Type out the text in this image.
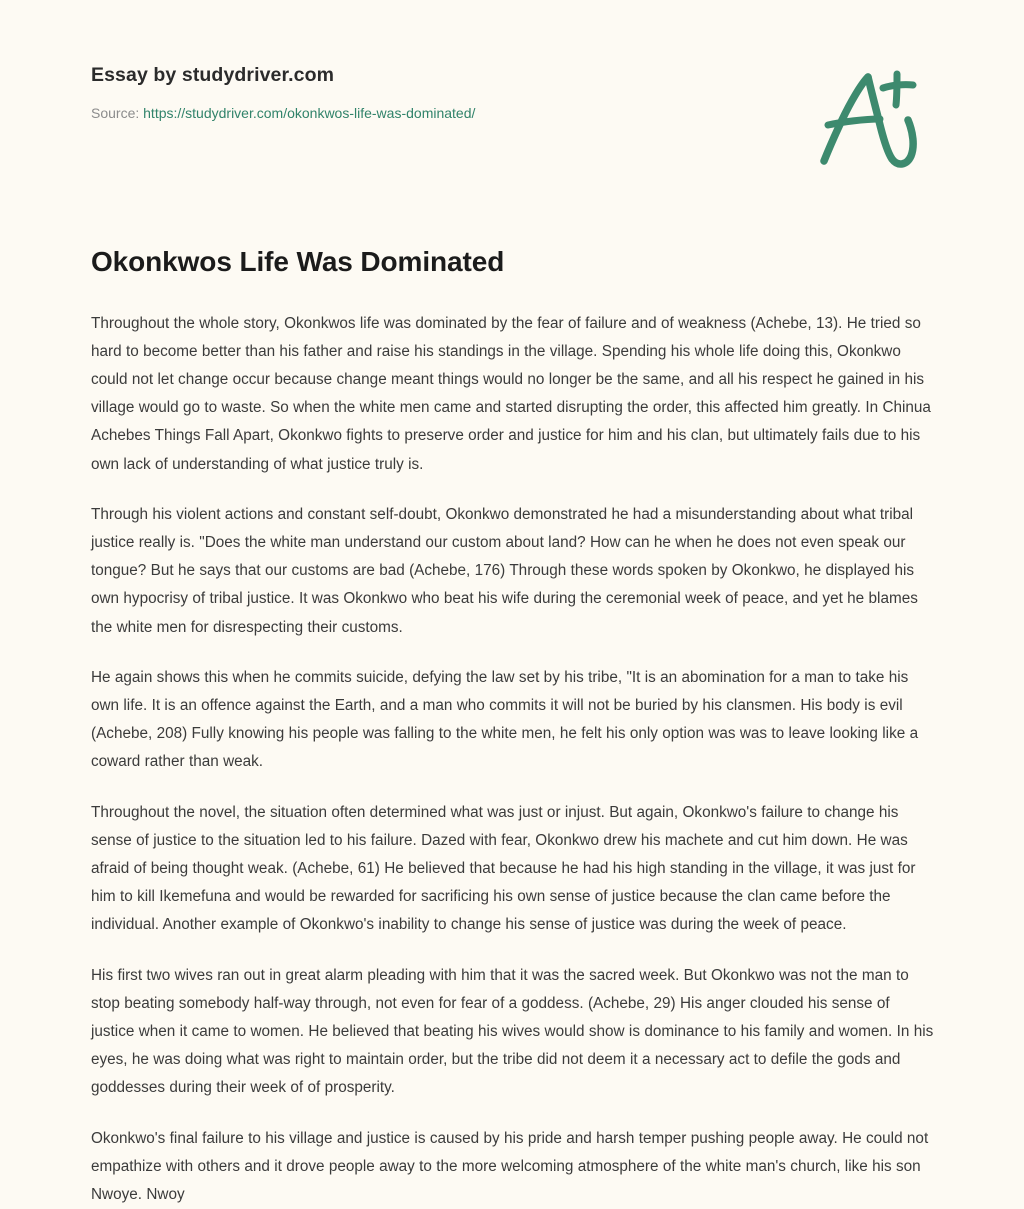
Essay by studydriver.com
Source: https://studydriver.com/okonkwos-life-was-dominated/
Okonkwos Life Was Dominated

Throughout the whole story, Okonkwos life was dominated by the fear of failure and of weakness (Achebe, 13). He tried so hard to become better than his father and raise his standings in the village. Spending his whole life doing this, Okonkwo could not let change occur because change meant things would no longer be the same, and all his respect he gained in his village would go to waste. So when the white men came and started disrupting the order, this affected him greatly. In Chinua Achebes Things Fall Apart, Okonkwo fights to preserve order and justice for him and his clan, but ultimately fails due to his own lack of understanding of what justice truly is.

Through his violent actions and constant self-doubt, Okonkwo demonstrated he had a misunderstanding about what tribal justice really is. "Does the white man understand our custom about land? How can he when he does not even speak our tongue? But he says that our customs are bad (Achebe, 176) Through these words spoken by Okonkwo, he displayed his own hypocrisy of tribal justice. It was Okonkwo who beat his wife during the ceremonial week of peace, and yet he blames the white men for disrespecting their customs.

He again shows this when he commits suicide, defying the law set by his tribe, "It is an abomination for a man to take his own life. It is an offence against the Earth, and a man who commits it will not be buried by his clansmen. His body is evil (Achebe, 208) Fully knowing his people was falling to the white men, he felt his only option was was to leave looking like a coward rather than weak.

Throughout the novel, the situation often determined what was just or injust. But again, Okonkwo's failure to change his sense of justice to the situation led to his failure. Dazed with fear, Okonkwo drew his machete and cut him down. He was afraid of being thought weak. (Achebe, 61) He believed that because he had his high standing in the village, it was just for him to kill Ikemefuna and would be rewarded for sacrificing his own sense of justice because the clan came before the individual. Another example of Okonkwo's inability to change his sense of justice was during the week of peace.

His first two wives ran out in great alarm pleading with him that it was the sacred week. But Okonkwo was not the man to stop beating somebody half-way through, not even for fear of a goddess. (Achebe, 29) His anger clouded his sense of justice when it came to women. He believed that beating his wives would show is dominance to his family and women. In his eyes, he was doing what was right to maintain order, but the tribe did not deem it a necessary act to defile the gods and goddesses during their week of of prosperity.

Okonkwo's final failure to his village and justice is caused by his pride and harsh temper pushing people away. He could not empathize with others and it drove people away to the more welcoming atmosphere of the white man's church, like his son Nwoye. Nwoy
